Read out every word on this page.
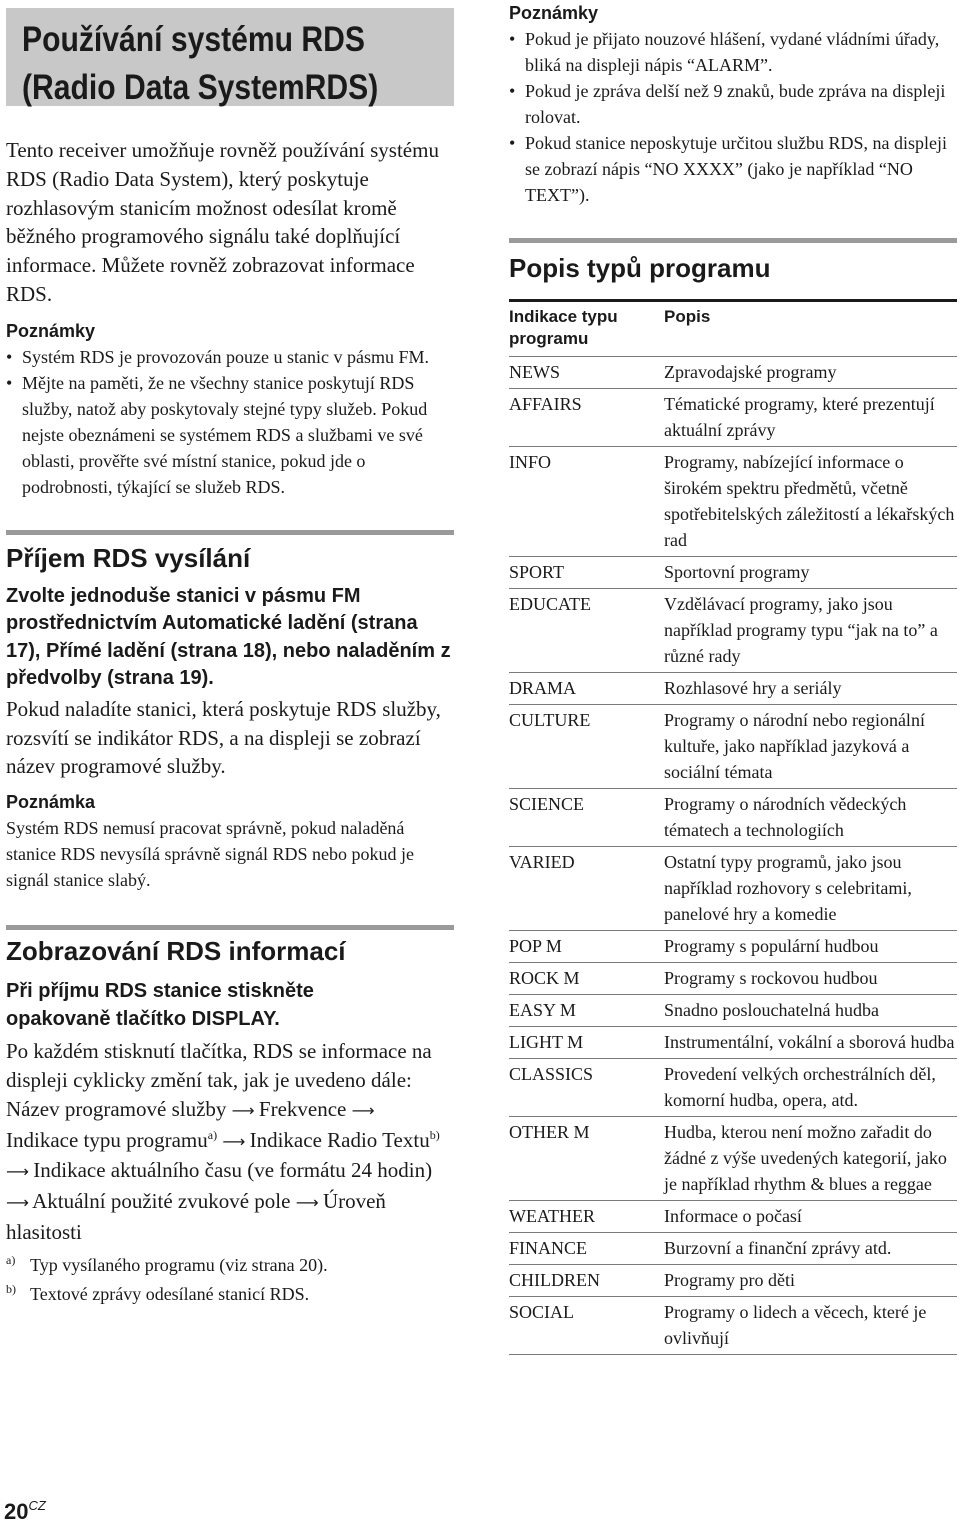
Používání systému RDS
(Radio Data SystemRDS)

Tento receiver umožňuje rovněž používání systému RDS (Radio Data System), který poskytuje rozhlasovým stanicím možnost odesílat kromě běžného programového signálu také doplňující informace. Můžete rovněž zobrazovat informace RDS.

Poznámky

• Systém RDS je provozován pouze u stanic v pásmu FM.
• Mějte na paměti, že ne všechny stanice poskytují RDS služby, natož aby poskytovaly stejné typy služeb. Pokud nejste obeznámeni se systémem RDS a službami ve své oblasti, prověřte své místní stanice, pokud jde o podrobnosti, týkající se služeb RDS.
Příjem RDS vysílání

Zvolte jednoduše stanici v pásmu FM prostřednictvím Automatické ladění (strana 17), Přímé ladění (strana 18), nebo naladěním z předvolby (strana 19).

Pokud naladíte stanici, která poskytuje RDS služby, rozsvítí se indikátor RDS, a na displeji se zobrazí název programové služby.

Poznámka

Systém RDS nemusí pracovat správně, pokud naladěná stanice RDS nevysílá správně signál RDS nebo pokud je signál stanice slabý.

Zobrazování RDS informací

Při příjmu RDS stanice stiskněte opakovaně tlačítko DISPLAY.

Po každém stisknutí tlačítka, RDS se informace na displeji cyklicky změní tak, jak je uvedeno dále:

Název programové služby ⟶ Frekvence ⟶
Indikace typu programu$^{a)}$ ⟶ Indikace Radio Textu$^{b)}$ ⟶ Indikace aktuálního času (ve formátu 24 hodin) ⟶ Aktuální použité zvukové pole ⟶ Úroveň hlasitosti

a) Typ vysílaného programu (viz strana 20).

b) Textové zprávy odesílané stanicí RDS.

Poznámky

• Pokud je přijato nouzové hlášení, vydané vládními úřady, bliká na displeji nápis “ALARM”.
• Pokud je zpráva delší než 9 znaků, bude zpráva na displeji rolovat.
• Pokud stanice neposkytuje určitou službu RDS, na displeji se zobrazí nápis “NO XXXX” (jako je například “NO TEXT”).
Popis typů programu
Indikace typu programu	Popis
NEWS	Zpravodajské programy
AFFAIRS	Tématické programy, které prezentují aktuální zprávy
INFO	Programy, nabízející informace o širokém spektru předmětů, včetně spotřebitelských záležitostí a lékařských rad
SPORT	Sportovní programy
EDUCATE	Vzdělávací programy, jako jsou například programy typu “jak na to” a různé rady
DRAMA	Rozhlasové hry a seriály
CULTURE	Programy o národní nebo regionální kultuře, jako například jazyková a sociální témata
SCIENCE	Programy o národních vědeckých tématech a technologiích
VARIED	Ostatní typy programů, jako jsou například rozhovory s celebritami, panelové hry a komedie
POP M	Programy s populární hudbou
ROCK M	Programy s rockovou hudbou
EASY M	Snadno poslouchatelná hudba
LIGHT M	Instrumentální, vokální a sborová hudba
CLASSICS	Provedení velkých orchestrálních děl, komorní hudba, opera, atd.
OTHER M	Hudba, kterou není možno zařadit do žádné z výše uvedených kategorií, jako je například rhythm & blues a reggae
WEATHER	Informace o počasí
FINANCE	Burzovní a finanční zprávy atd.
CHILDREN	Programy pro děti
SOCIAL	Programy o lidech a věcech, které je ovlivňují
$20^{CZ}$
